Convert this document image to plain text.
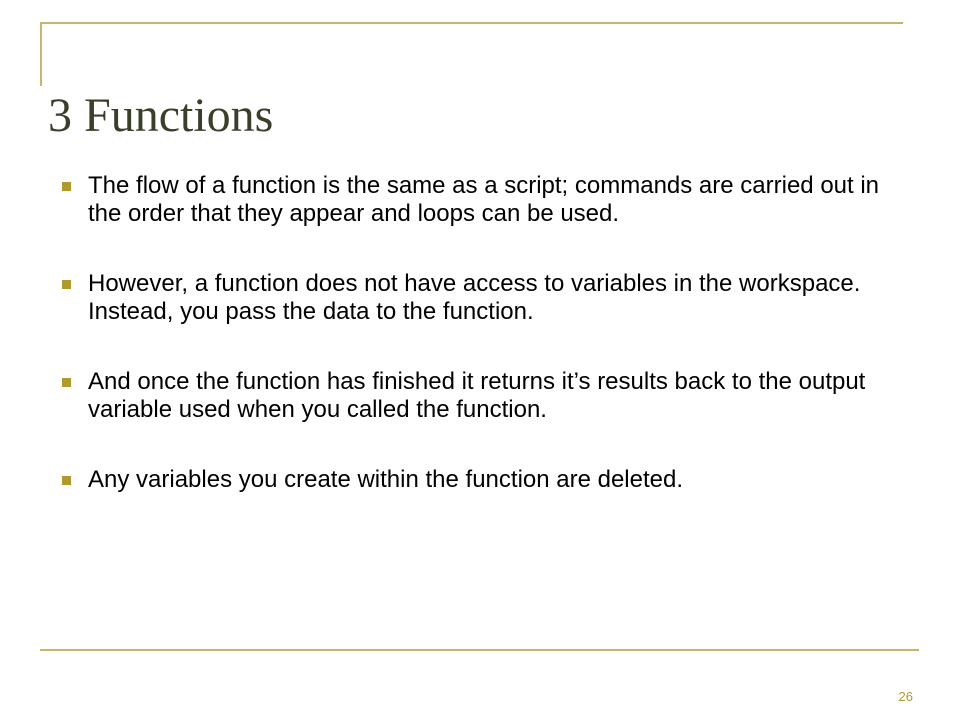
3 Functions
The flow of a function is the same as a script; commands are carried out in the order that they appear and loops can be used.
However, a function does not have access to variables in the workspace. Instead, you pass the data to the function.
And once the function has finished it returns it’s results back to the output variable used when you called the function.
Any variables you create within the function are deleted.
26
